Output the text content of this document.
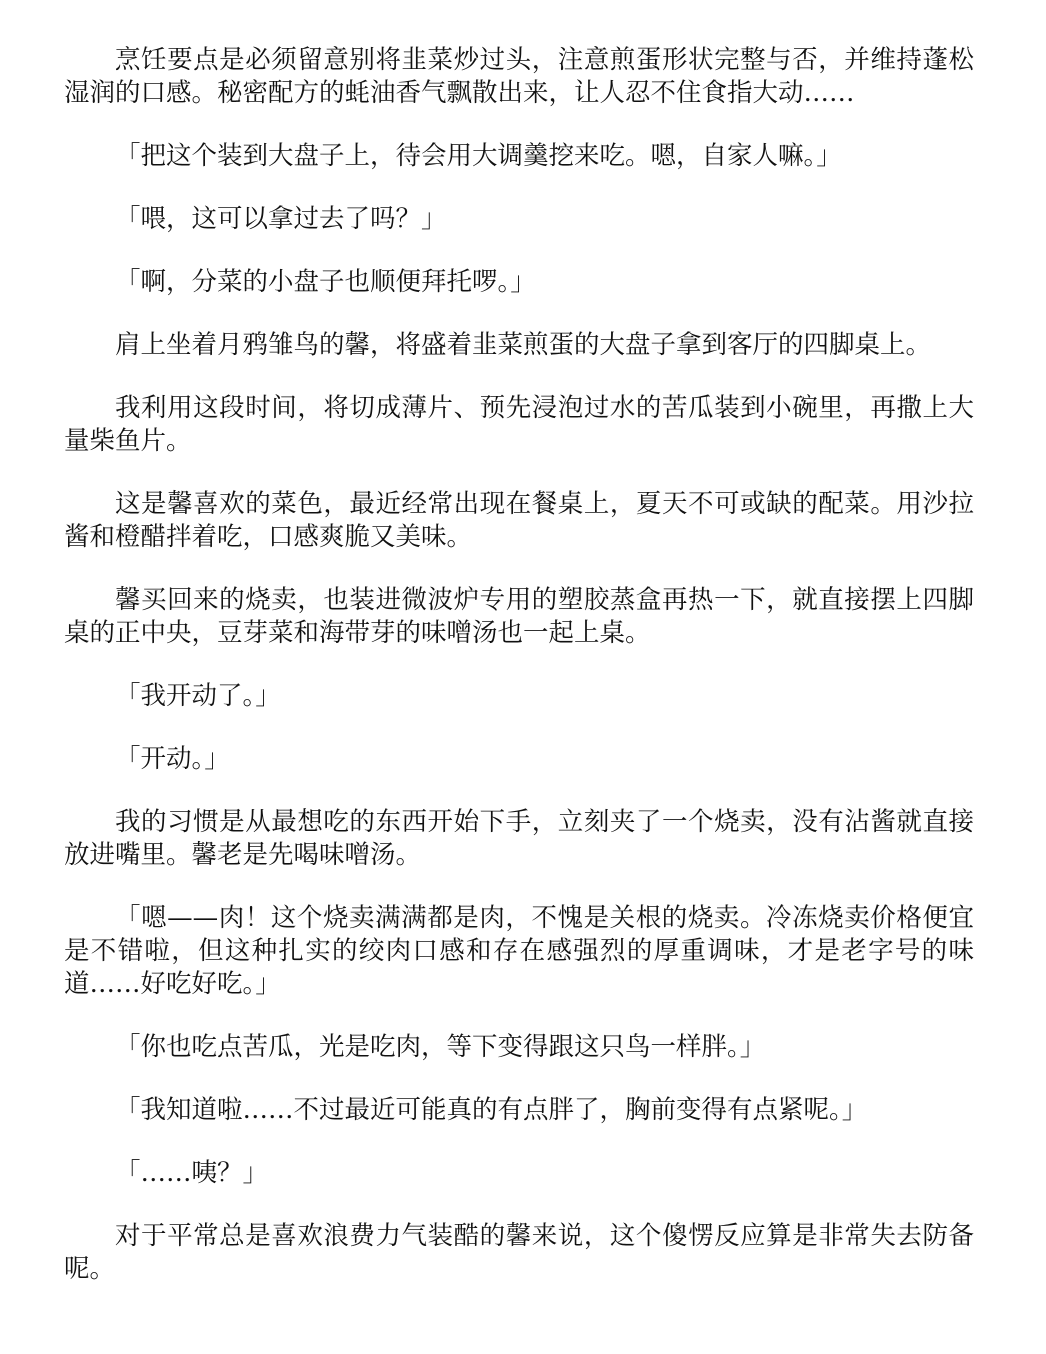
烹饪要点是必须留意别将韭菜炒过头，注意煎蛋形状完整与否，并维持蓬松湿润的口感。秘密配方的蚝油香气飘散出来，让人忍不住食指大动……

「把这个装到大盘子上，待会用大调羹挖来吃。嗯，自家人嘛。」

「喂，这可以拿过去了吗？」

「啊，分菜的小盘子也顺便拜托啰。」

肩上坐着月鸦雏鸟的馨，将盛着韭菜煎蛋的大盘子拿到客厅的四脚桌上。

我利用这段时间，将切成薄片、预先浸泡过水的苦瓜装到小碗里，再撒上大量柴鱼片。

这是馨喜欢的菜色，最近经常出现在餐桌上，夏天不可或缺的配菜。用沙拉酱和橙醋拌着吃，口感爽脆又美味。

馨买回来的烧卖，也装进微波炉专用的塑胶蒸盒再热一下，就直接摆上四脚桌的正中央，豆芽菜和海带芽的味噌汤也一起上桌。

「我开动了。」

「开动。」

我的习惯是从最想吃的东西开始下手，立刻夹了一个烧卖，没有沾酱就直接放进嘴里。馨老是先喝味噌汤。

「嗯——肉！这个烧卖满满都是肉，不愧是关根的烧卖。冷冻烧卖价格便宜是不错啦，但这种扎实的绞肉口感和存在感强烈的厚重调味，才是老字号的味道……好吃好吃。」

「你也吃点苦瓜，光是吃肉，等下变得跟这只鸟一样胖。」

「我知道啦……不过最近可能真的有点胖了，胸前变得有点紧呢。」

「……咦？」

对于平常总是喜欢浪费力气装酷的馨来说，这个傻愣反应算是非常失去防备呢。
